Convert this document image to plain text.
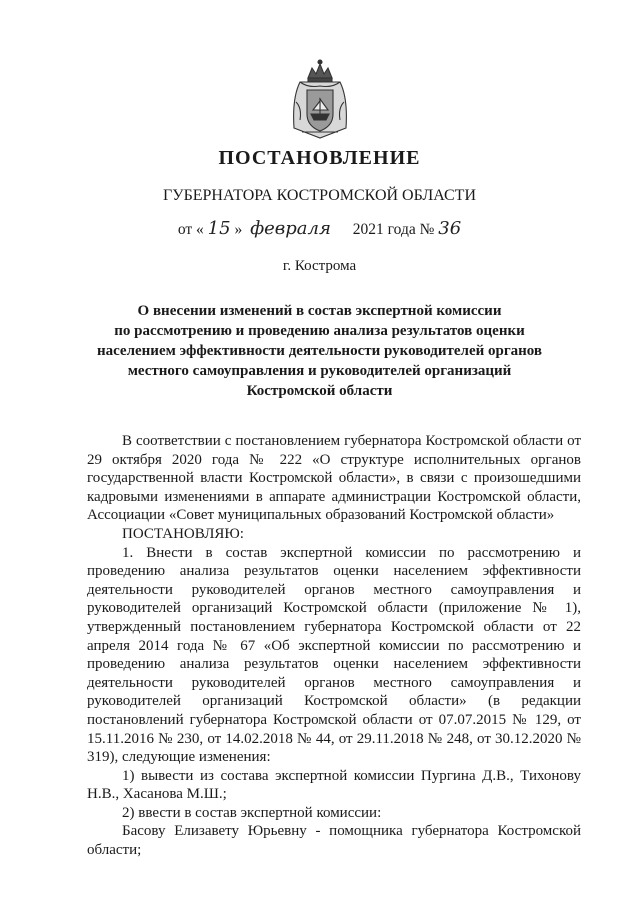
ПОСТАНОВЛЕНИЕ
ГУБЕРНАТОРА КОСТРОМСКОЙ ОБЛАСТИ
от « 15 » февраля 2021 года № 36
г. Кострома
О внесении изменений в состав экспертной комиссии
по рассмотрению и проведению анализа результатов оценки
населением эффективности деятельности руководителей органов
местного самоуправления и руководителей организаций
Костромской области

В соответствии с постановлением губернатора Костромской области от 29 октября 2020 года № 222 «О структуре исполнительных органов государственной власти Костромской области», в связи с произошедшими кадровыми изменениями в аппарате администрации Костромской области, Ассоциации «Совет муниципальных образований Костромской области»

ПОСТАНОВЛЯЮ:

1. Внести в состав экспертной комиссии по рассмотрению и проведению анализа результатов оценки населением эффективности деятельности руководителей органов местного самоуправления и руководителей организаций Костромской области (приложение № 1), утвержденный постановлением губернатора Костромской области от 22 апреля 2014 года № 67 «Об экспертной комиссии по рассмотрению и проведению анализа результатов оценки населением эффективности деятельности руководителей органов местного самоуправления и руководителей организаций Костромской области» (в редакции постановлений губернатора Костромской области от 07.07.2015 № 129, от 15.11.2016 № 230, от 14.02.2018 № 44, от 29.11.2018 № 248, от 30.12.2020 № 319), следующие изменения:

1) вывести из состава экспертной комиссии Пургина Д.В., Тихонову Н.В., Хасанова М.Ш.;

2) ввести в состав экспертной комиссии:

Басову Елизавету Юрьевну - помощника губернатора Костромской области;
